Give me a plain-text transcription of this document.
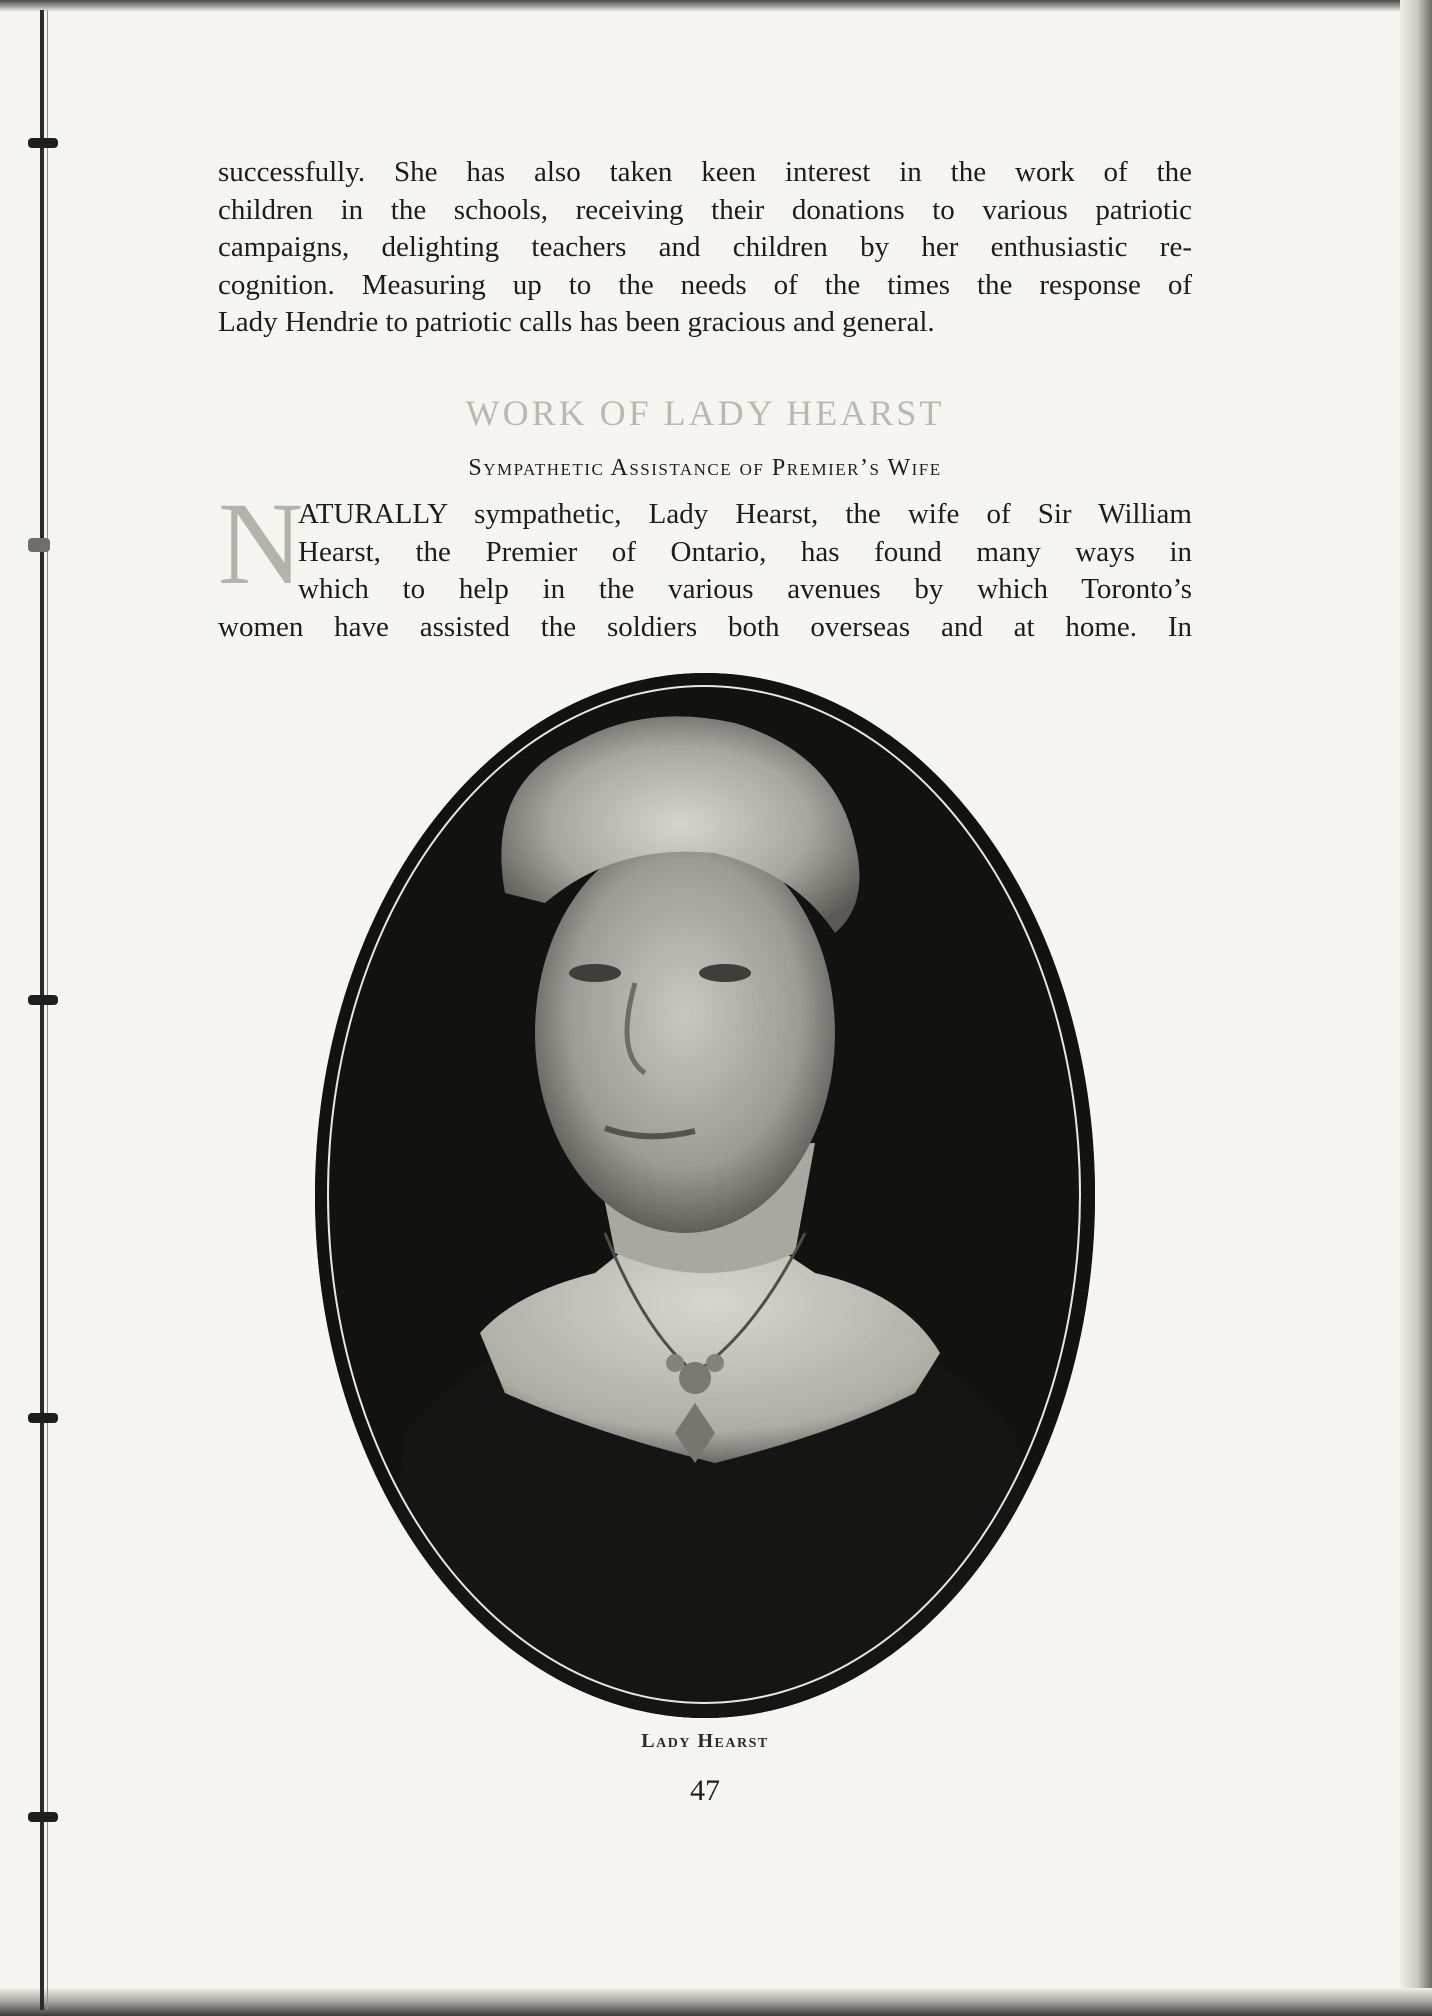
successfully. She has also taken keen interest in the work of the
children in the schools, receiving their donations to various patriotic
campaigns, delighting teachers and children by her enthusiastic re-
cognition. Measuring up to the needs of the times the response of
Lady Hendrie to patriotic calls has been gracious and general.
WORK OF LADY HEARST
Sympathetic Assistance of Premier’s Wife
N
ATURALLY sympathetic, Lady Hearst, the wife of Sir William
Hearst, the Premier of Ontario, has found many ways in
which to help in the various avenues by which Toronto’s
women have assisted the soldiers both overseas and at home. In
Lady Hearst
47
